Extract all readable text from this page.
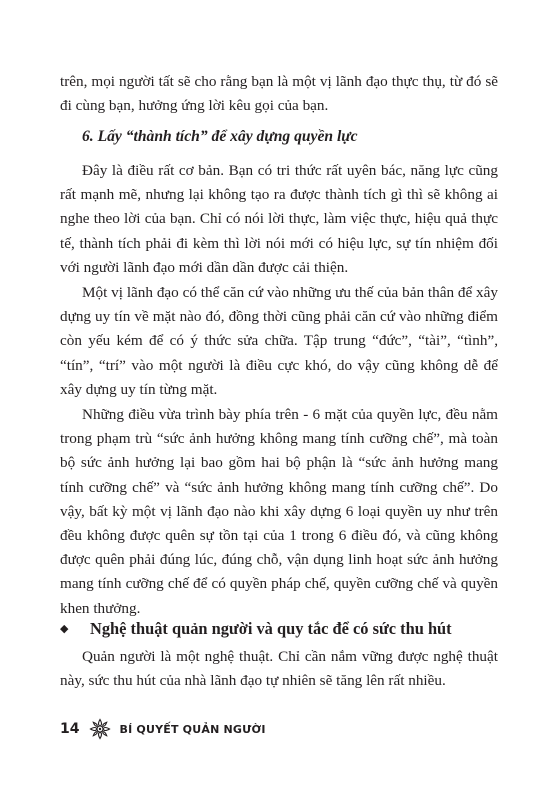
trên, mọi người tất sẽ cho rằng bạn là một vị lãnh đạo thực thụ, từ đó sẽ đi cùng bạn, hưởng ứng lời kêu gọi của bạn.

6. Lấy “thành tích” để xây dựng quyền lực

Đây là điều rất cơ bản. Bạn có tri thức rất uyên bác, năng lực cũng rất mạnh mẽ, nhưng lại không tạo ra được thành tích gì thì sẽ không ai nghe theo lời của bạn. Chỉ có nói lời thực, làm việc thực, hiệu quả thực tế, thành tích phải đi kèm thì lời nói mới có hiệu lực, sự tín nhiệm đối với người lãnh đạo mới dần dần được cải thiện.

Một vị lãnh đạo có thể căn cứ vào những ưu thế của bản thân để xây dựng uy tín về mặt nào đó, đồng thời cũng phải căn cứ vào những điểm còn yếu kém để có ý thức sửa chữa. Tập trung “đức”, “tài”, “tình”, “tín”, “trí” vào một người là điều cực khó, do vậy cũng không dễ để xây dựng uy tín từng mặt.

Những điều vừa trình bày phía trên - 6 mặt của quyền lực, đều nằm trong phạm trù “sức ảnh hưởng không mang tính cưỡng chế”, mà toàn bộ sức ảnh hưởng lại bao gồm hai bộ phận là “sức ảnh hưởng mang tính cưỡng chế” và “sức ảnh hưởng không mang tính cưỡng chế”. Do vậy, bất kỳ một vị lãnh đạo nào khi xây dựng 6 loại quyền uy như trên đều không được quên sự tồn tại của 1 trong 6 điều đó, và cũng không được quên phải đúng lúc, đúng chỗ, vận dụng linh hoạt sức ảnh hưởng mang tính cưỡng chế để có quyền pháp chế, quyền cưỡng chế và quyền khen thưởng.

◆ Nghệ thuật quản người và quy tắc để có sức thu hút

Quản người là một nghệ thuật. Chỉ cần nắm vững được nghệ thuật này, sức thu hút của nhà lãnh đạo tự nhiên sẽ tăng lên rất nhiều.

14	BÍ QUYẾT QUẢN NGƯỜI
